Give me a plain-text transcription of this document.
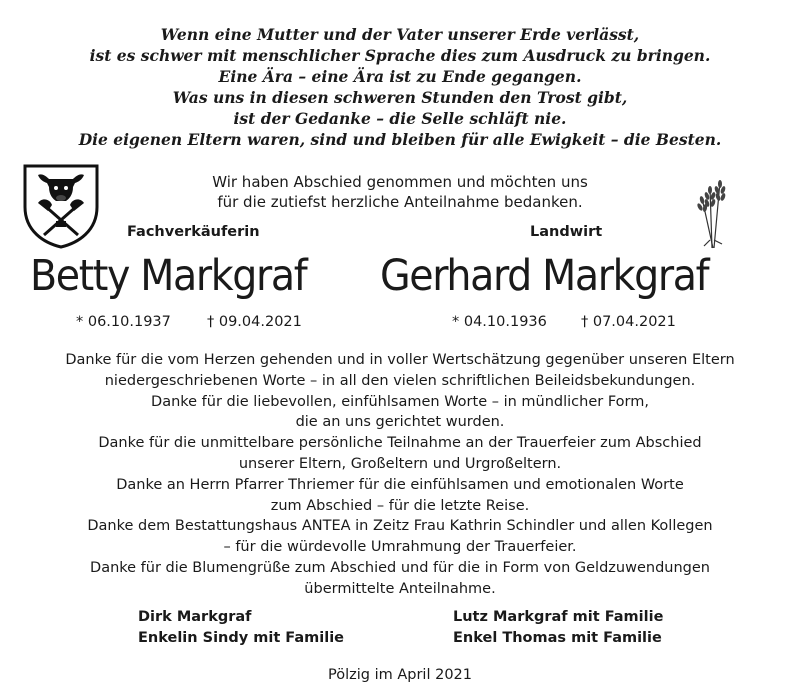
Wenn eine Mutter und der Vater unserer Erde verlässt,
ist es schwer mit menschlicher Sprache dies zum Ausdruck zu bringen.
Eine Ära – eine Ära ist zu Ende gegangen.
Was uns in diesen schweren Stunden den Trost gibt,
ist der Gedanke – die Selle schläft nie.
Die eigenen Eltern waren, sind und bleiben für alle Ewigkeit – die Besten.
Wir haben Abschied genommen und möchten uns
für die zutiefst herzliche Anteilnahme bedanken.
Fachverkäuferin	Landwirt
Betty Markgraf Gerhard Markgraf
* 06.10.1937 † 09.04.2021	* 04.10.1936 † 07.04.2021
Danke für die vom Herzen gehenden und in voller Wertschätzung gegenüber unseren Eltern
niedergeschriebenen Worte – in all den vielen schriftlichen Beileidsbekundungen.
Danke für die liebevollen, einfühlsamen Worte – in mündlicher Form,
die an uns gerichtet wurden.
Danke für die unmittelbare persönliche Teilnahme an der Trauerfeier zum Abschied
unserer Eltern, Großeltern und Urgroßeltern.
Danke an Herrn Pfarrer Thriemer für die einfühlsamen und emotionalen Worte
zum Abschied – für die letzte Reise.
Danke dem Bestattungshaus ANTEA in Zeitz Frau Kathrin Schindler und allen Kollegen
– für die würdevolle Umrahmung der Trauerfeier.
Danke für die Blumengrüße zum Abschied und für die in Form von Geldzuwendungen
übermittelte Anteilnahme.
Dirk Markgraf
Enkelin Sindy mit Familie
Lutz Markgraf mit Familie
Enkel Thomas mit Familie
Pölzig im April 2021
